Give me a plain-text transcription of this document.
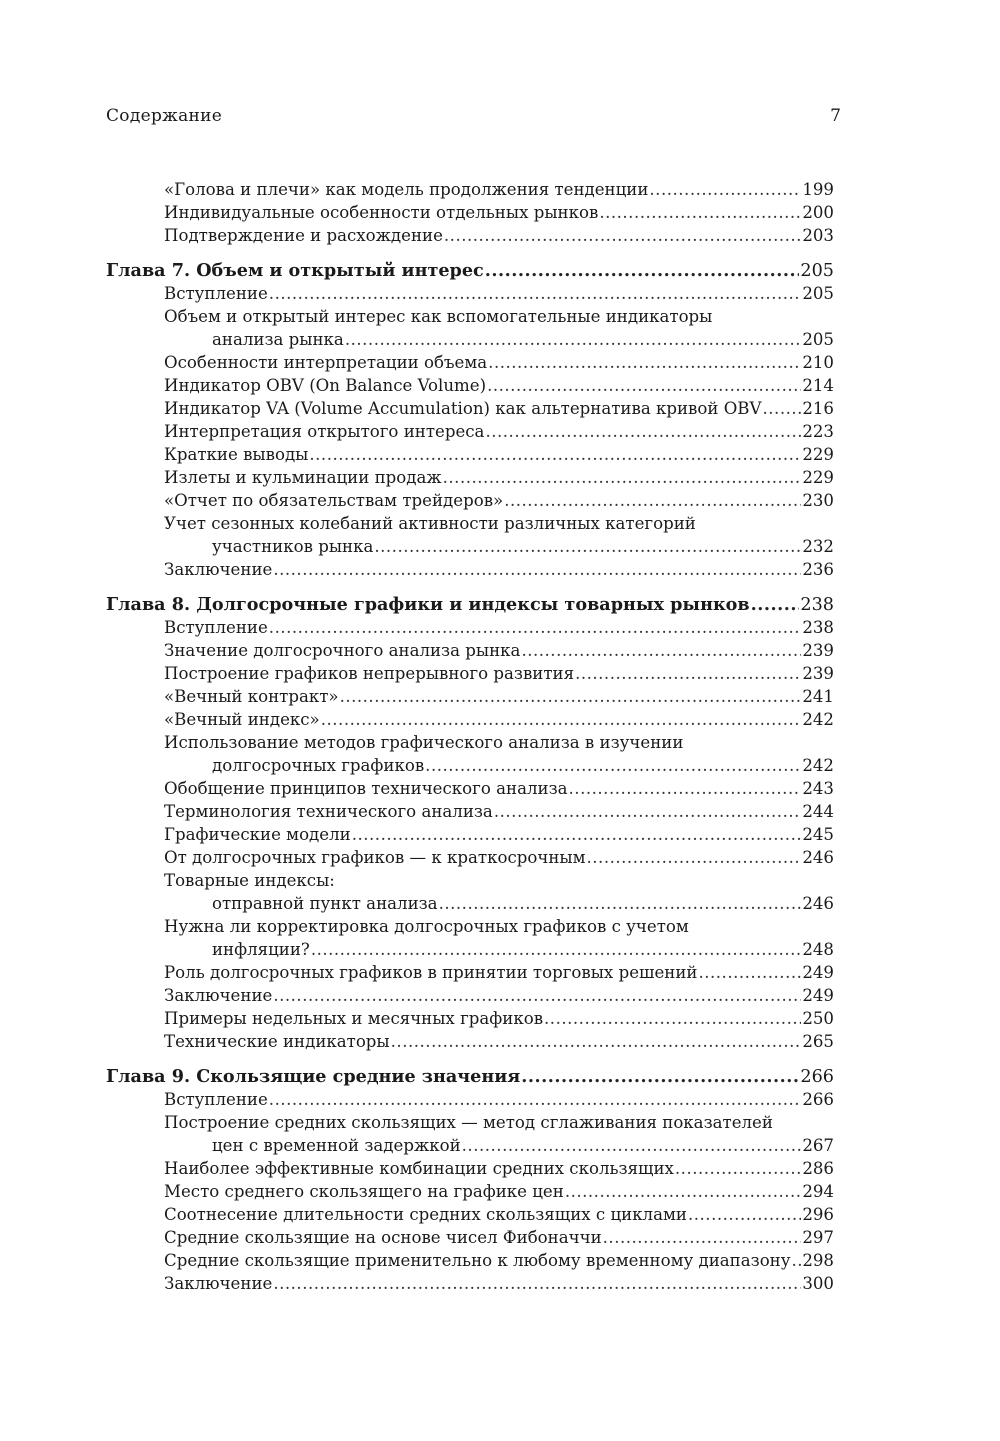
Содержание	7
«Голова и плечи» как модель продолжения тенденции .....	199
Индивидуальные особенности отдельных рынков .....	200
Подтверждение и расхождение .....	203
Глава 7. Объем и открытый интерес .....	205
Вступление .....	205
Объем и открытый интерес как вспомогательные индикаторы
анализа рынка .....	205
Особенности интерпретации объема .....	210
Индикатор OBV (On Balance Volume) .....	214
Индикатор VA (Volume Accumulation) как альтернатива кривой OBV ..... 216
Интерпретация открытого интереса .....	223
Краткие выводы .....	229
Излеты и кульминации продаж .....	229
«Отчет по обязательствам трейдеров» .....	230
Учет сезонных колебаний активности различных категорий
участников рынка .....	232
Заключение .....	236
Глава 8. Долгосрочные графики и индексы товарных рынков .....	238
Вступление .....	238
Значение долгосрочного анализа рынка .....	239
Построение графиков непрерывного развития .....	239
«Вечный контракт» .....	241
«Вечный индекс» .....	242
Использование методов графического анализа в изучении
долгосрочных графиков .....	242
Обобщение принципов технического анализа .....	243
Терминология технического анализа .....	244
Графические модели .....	245
От долгосрочных графиков — к краткосрочным .....	246
Товарные индексы:
отправной пункт анализа .....	246
Нужна ли корректировка долгосрочных графиков с учетом
инфляции? .....	248
Роль долгосрочных графиков в принятии торговых решений .....	249
Заключение .....	249
Примеры недельных и месячных графиков .....	250
Технические индикаторы .....	265
Глава 9. Скользящие средние значения .....	266
Вступление .....	266
Построение средних скользящих — метод сглаживания показателей
цен с временной задержкой .....	267
Наиболее эффективные комбинации средних скользящих .....	286
Место среднего скользящего на графике цен .....	294
Соотнесение длительности средних скользящих с циклами .....	296
Средние скользящие на основе чисел Фибоначчи .....	297
Средние скользящие применительно к любому временному диапазону ..... 298
Заключение .....	300
